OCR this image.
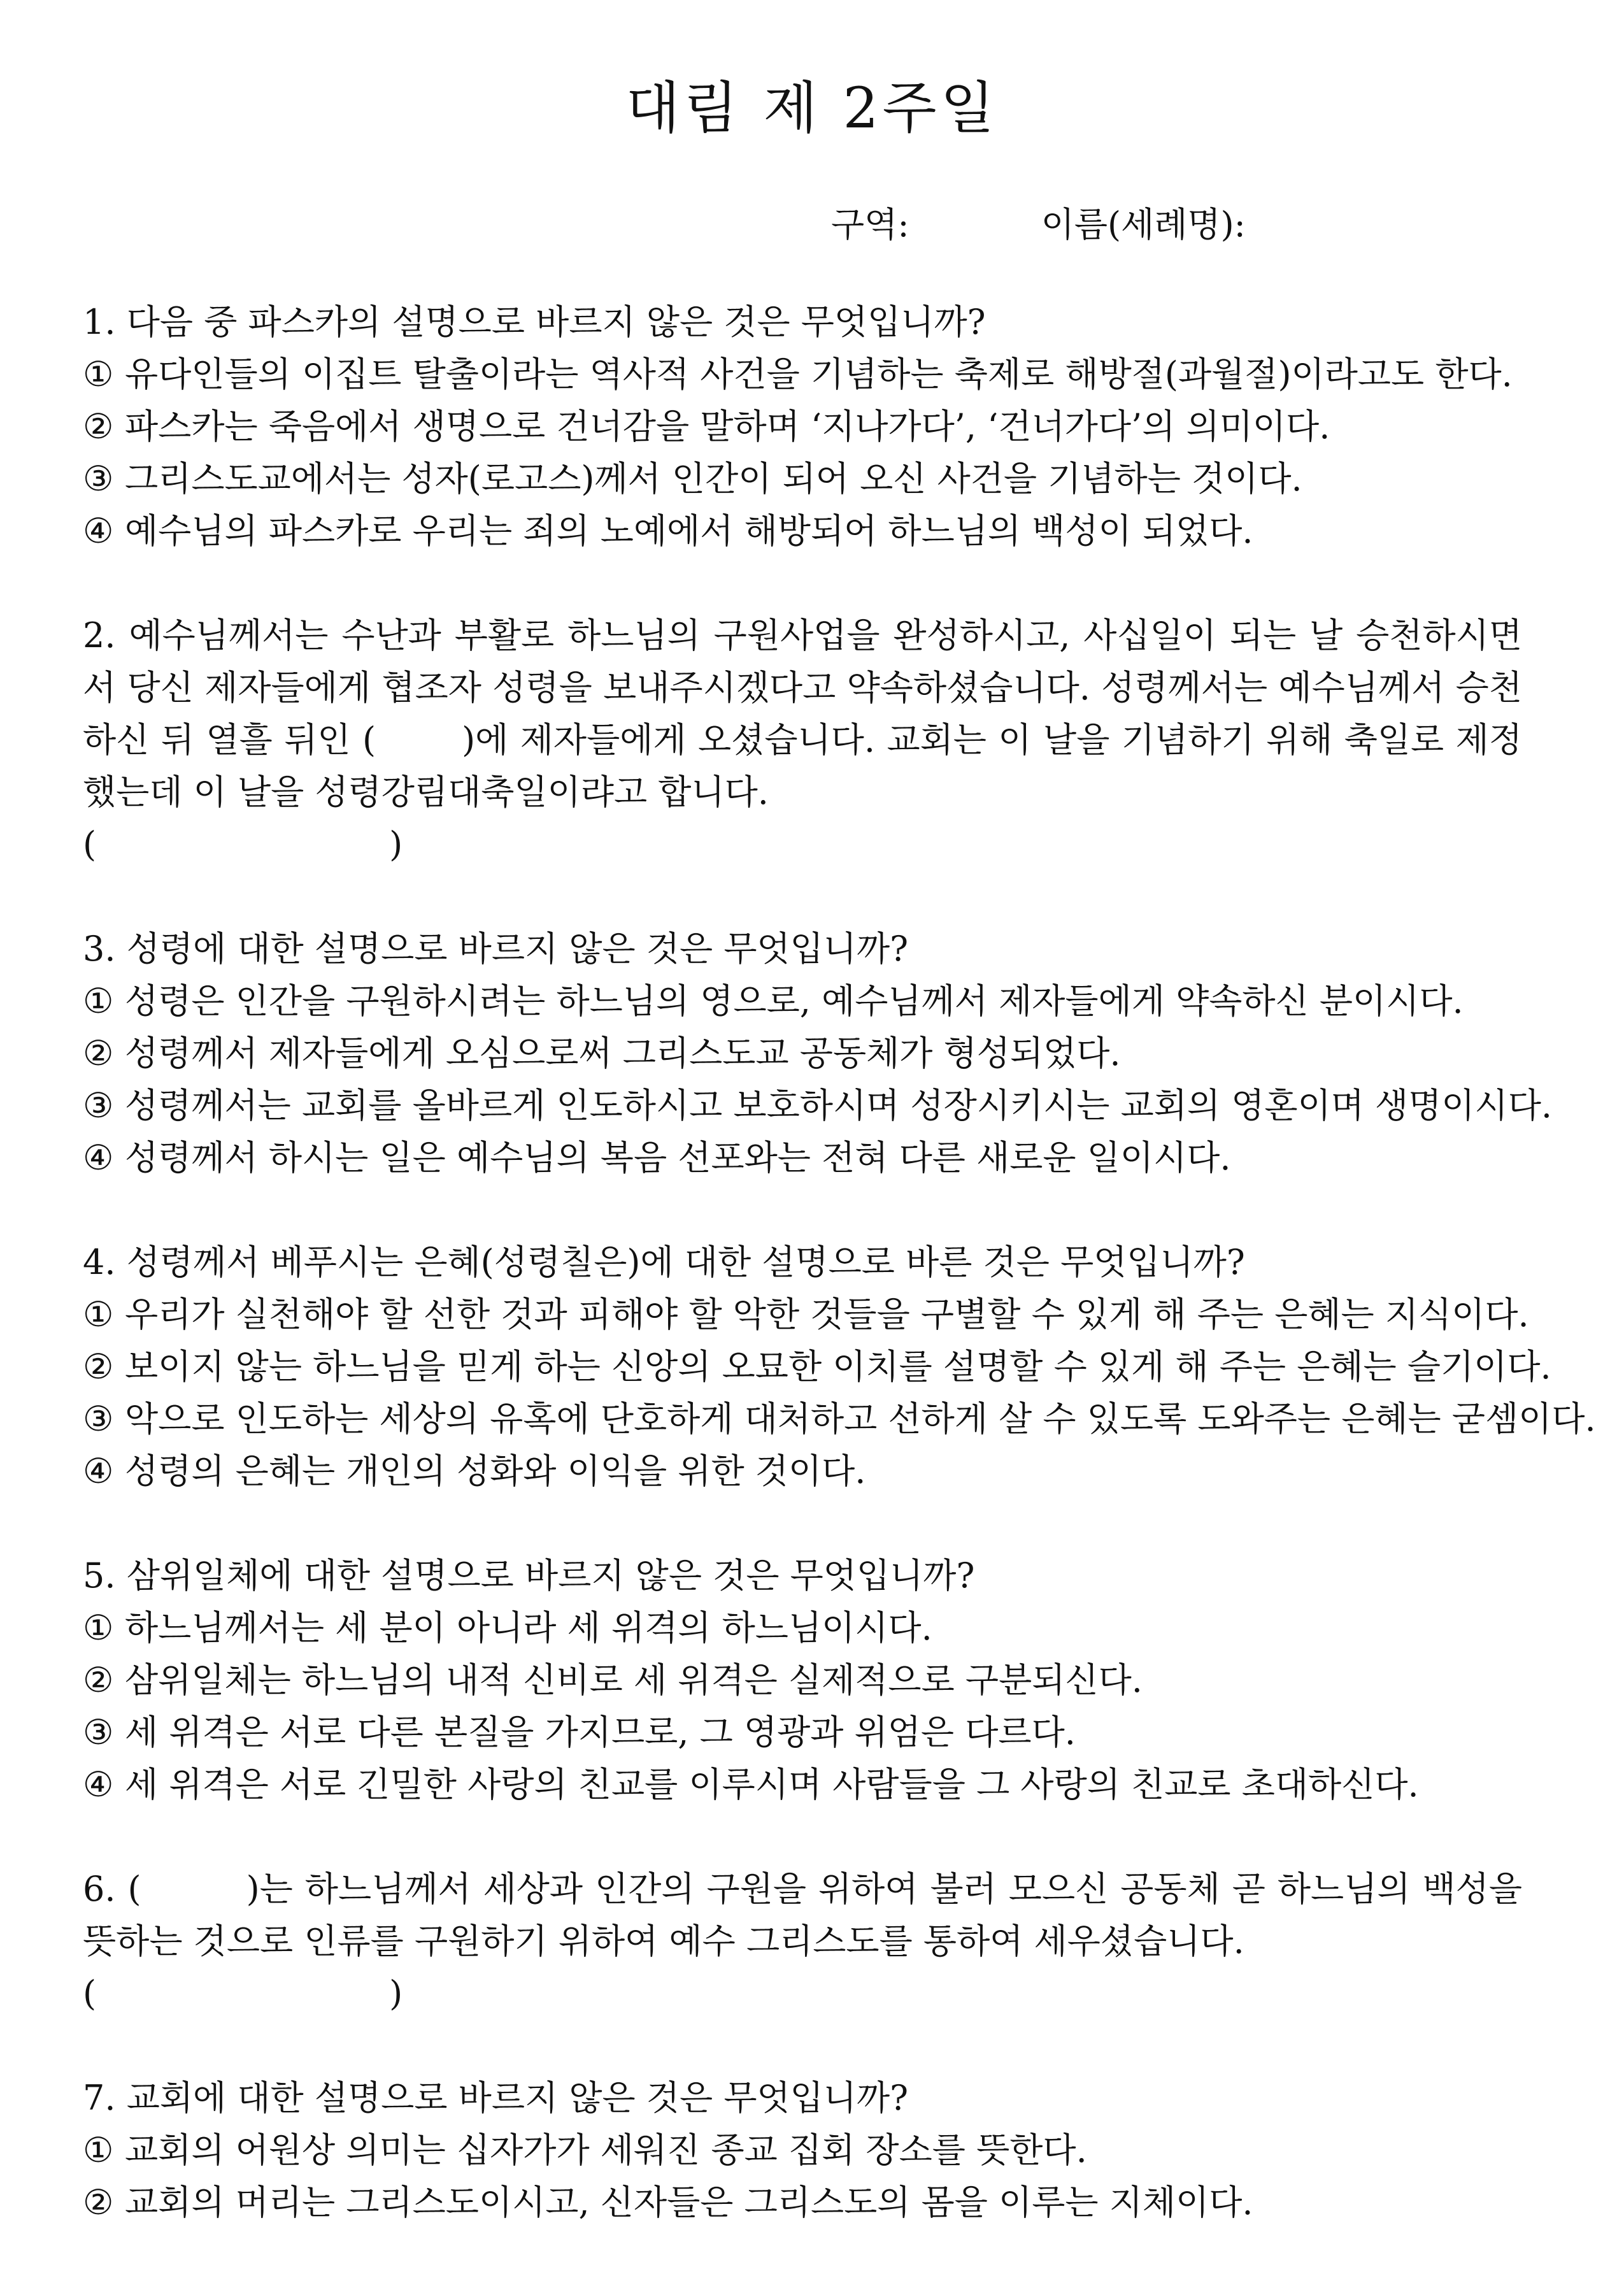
대림 제 2주일
구역:	이름(세례명):

1. 다음 중 파스카의 설명으로 바르지 않은 것은 무엇입니까?

① 유다인들의 이집트 탈출이라는 역사적 사건을 기념하는 축제로 해방절(과월절)이라고도 한다.

② 파스카는 죽음에서 생명으로 건너감을 말하며 ‘지나가다’, ‘건너가다’의 의미이다.

③ 그리스도교에서는 성자(로고스)께서 인간이 되어 오신 사건을 기념하는 것이다.

④ 예수님의 파스카로 우리는 죄의 노예에서 해방되어 하느님의 백성이 되었다.

2. 예수님께서는 수난과 부활로 하느님의 구원사업을 완성하시고, 사십일이 되는 날 승천하시면서 당신 제자들에게 협조자 성령을 보내주시겠다고 약속하셨습니다. 성령께서는 예수님께서 승천하신 뒤 열흘 뒤인 (	)에 제자들에게 오셨습니다. 교회는 이 날을 기념하기 위해 축일로 제정했는데 이 날을 성령강림대축일이랴고 합니다.

(	)

3. 성령에 대한 설명으로 바르지 않은 것은 무엇입니까?

① 성령은 인간을 구원하시려는 하느님의 영으로, 예수님께서 제자들에게 약속하신 분이시다.

② 성령께서 제자들에게 오심으로써 그리스도교 공동체가 형성되었다.

③ 성령께서는 교회를 올바르게 인도하시고 보호하시며 성장시키시는 교회의 영혼이며 생명이시다.

④ 성령께서 하시는 일은 예수님의 복음 선포와는 전혀 다른 새로운 일이시다.

4. 성령께서 베푸시는 은혜(성령칠은)에 대한 설명으로 바른 것은 무엇입니까?

① 우리가 실천해야 할 선한 것과 피해야 할 악한 것들을 구별할 수 있게 해 주는 은혜는 지식이다.

② 보이지 않는 하느님을 믿게 하는 신앙의 오묘한 이치를 설명할 수 있게 해 주는 은혜는 슬기이다.

③ 악으로 인도하는 세상의 유혹에 단호하게 대처하고 선하게 살 수 있도록 도와주는 은혜는 굳셈이다.

④ 성령의 은혜는 개인의 성화와 이익을 위한 것이다.

5. 삼위일체에 대한 설명으로 바르지 않은 것은 무엇입니까?

① 하느님께서는 세 분이 아니라 세 위격의 하느님이시다.

② 삼위일체는 하느님의 내적 신비로 세 위격은 실제적으로 구분되신다.

③ 세 위격은 서로 다른 본질을 가지므로, 그 영광과 위엄은 다르다.

④ 세 위격은 서로 긴밀한 사랑의 친교를 이루시며 사람들을 그 사랑의 친교로 초대하신다.

6. (	)는 하느님께서 세상과 인간의 구원을 위하여 불러 모으신 공동체 곧 하느님의 백성을 뜻하는 것으로 인류를 구원하기 위하여 예수 그리스도를 통하여 세우셨습니다.

(	)

7. 교회에 대한 설명으로 바르지 않은 것은 무엇입니까?

① 교회의 어원상 의미는 십자가가 세워진 종교 집회 장소를 뜻한다.

② 교회의 머리는 그리스도이시고, 신자들은 그리스도의 몸을 이루는 지체이다.
